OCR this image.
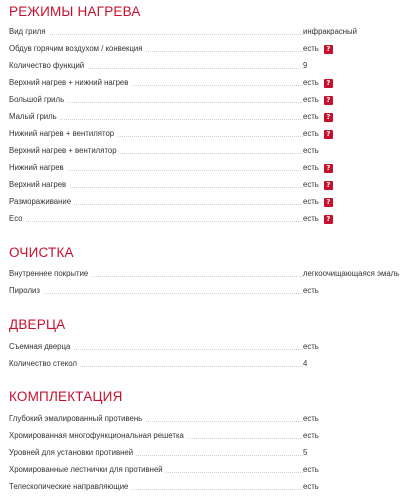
РЕЖИМЫ НАГРЕВА
Вид гриля	инфракрасный
Обдув горячим воздухом / конвекция	есть ?
Количество функций	9
Верхний нагрев + нижний нагрев	есть ?
Большой гриль	есть ?
Малый гриль	есть ?
Нижний нагрев + вентилятор	есть ?
Верхний нагрев + вентилятор	есть
Нижний нагрев	есть ?
Верхний нагрев	есть ?
Размораживание	есть ?
Eco	есть ?
ОЧИСТКА
Внутреннее покрытие	легкоочищающаяся эмаль
Пиролиз	есть
ДВЕРЦА
Съемная дверца	есть
Количество стекол	4
КОМПЛЕКТАЦИЯ
Глубокий эмалированный противень	есть
Хромированная многофункциональная решетка	есть
Уровней для установки противней	5
Хромированные лестнички для противней	есть
Телескопические направляющие	есть
